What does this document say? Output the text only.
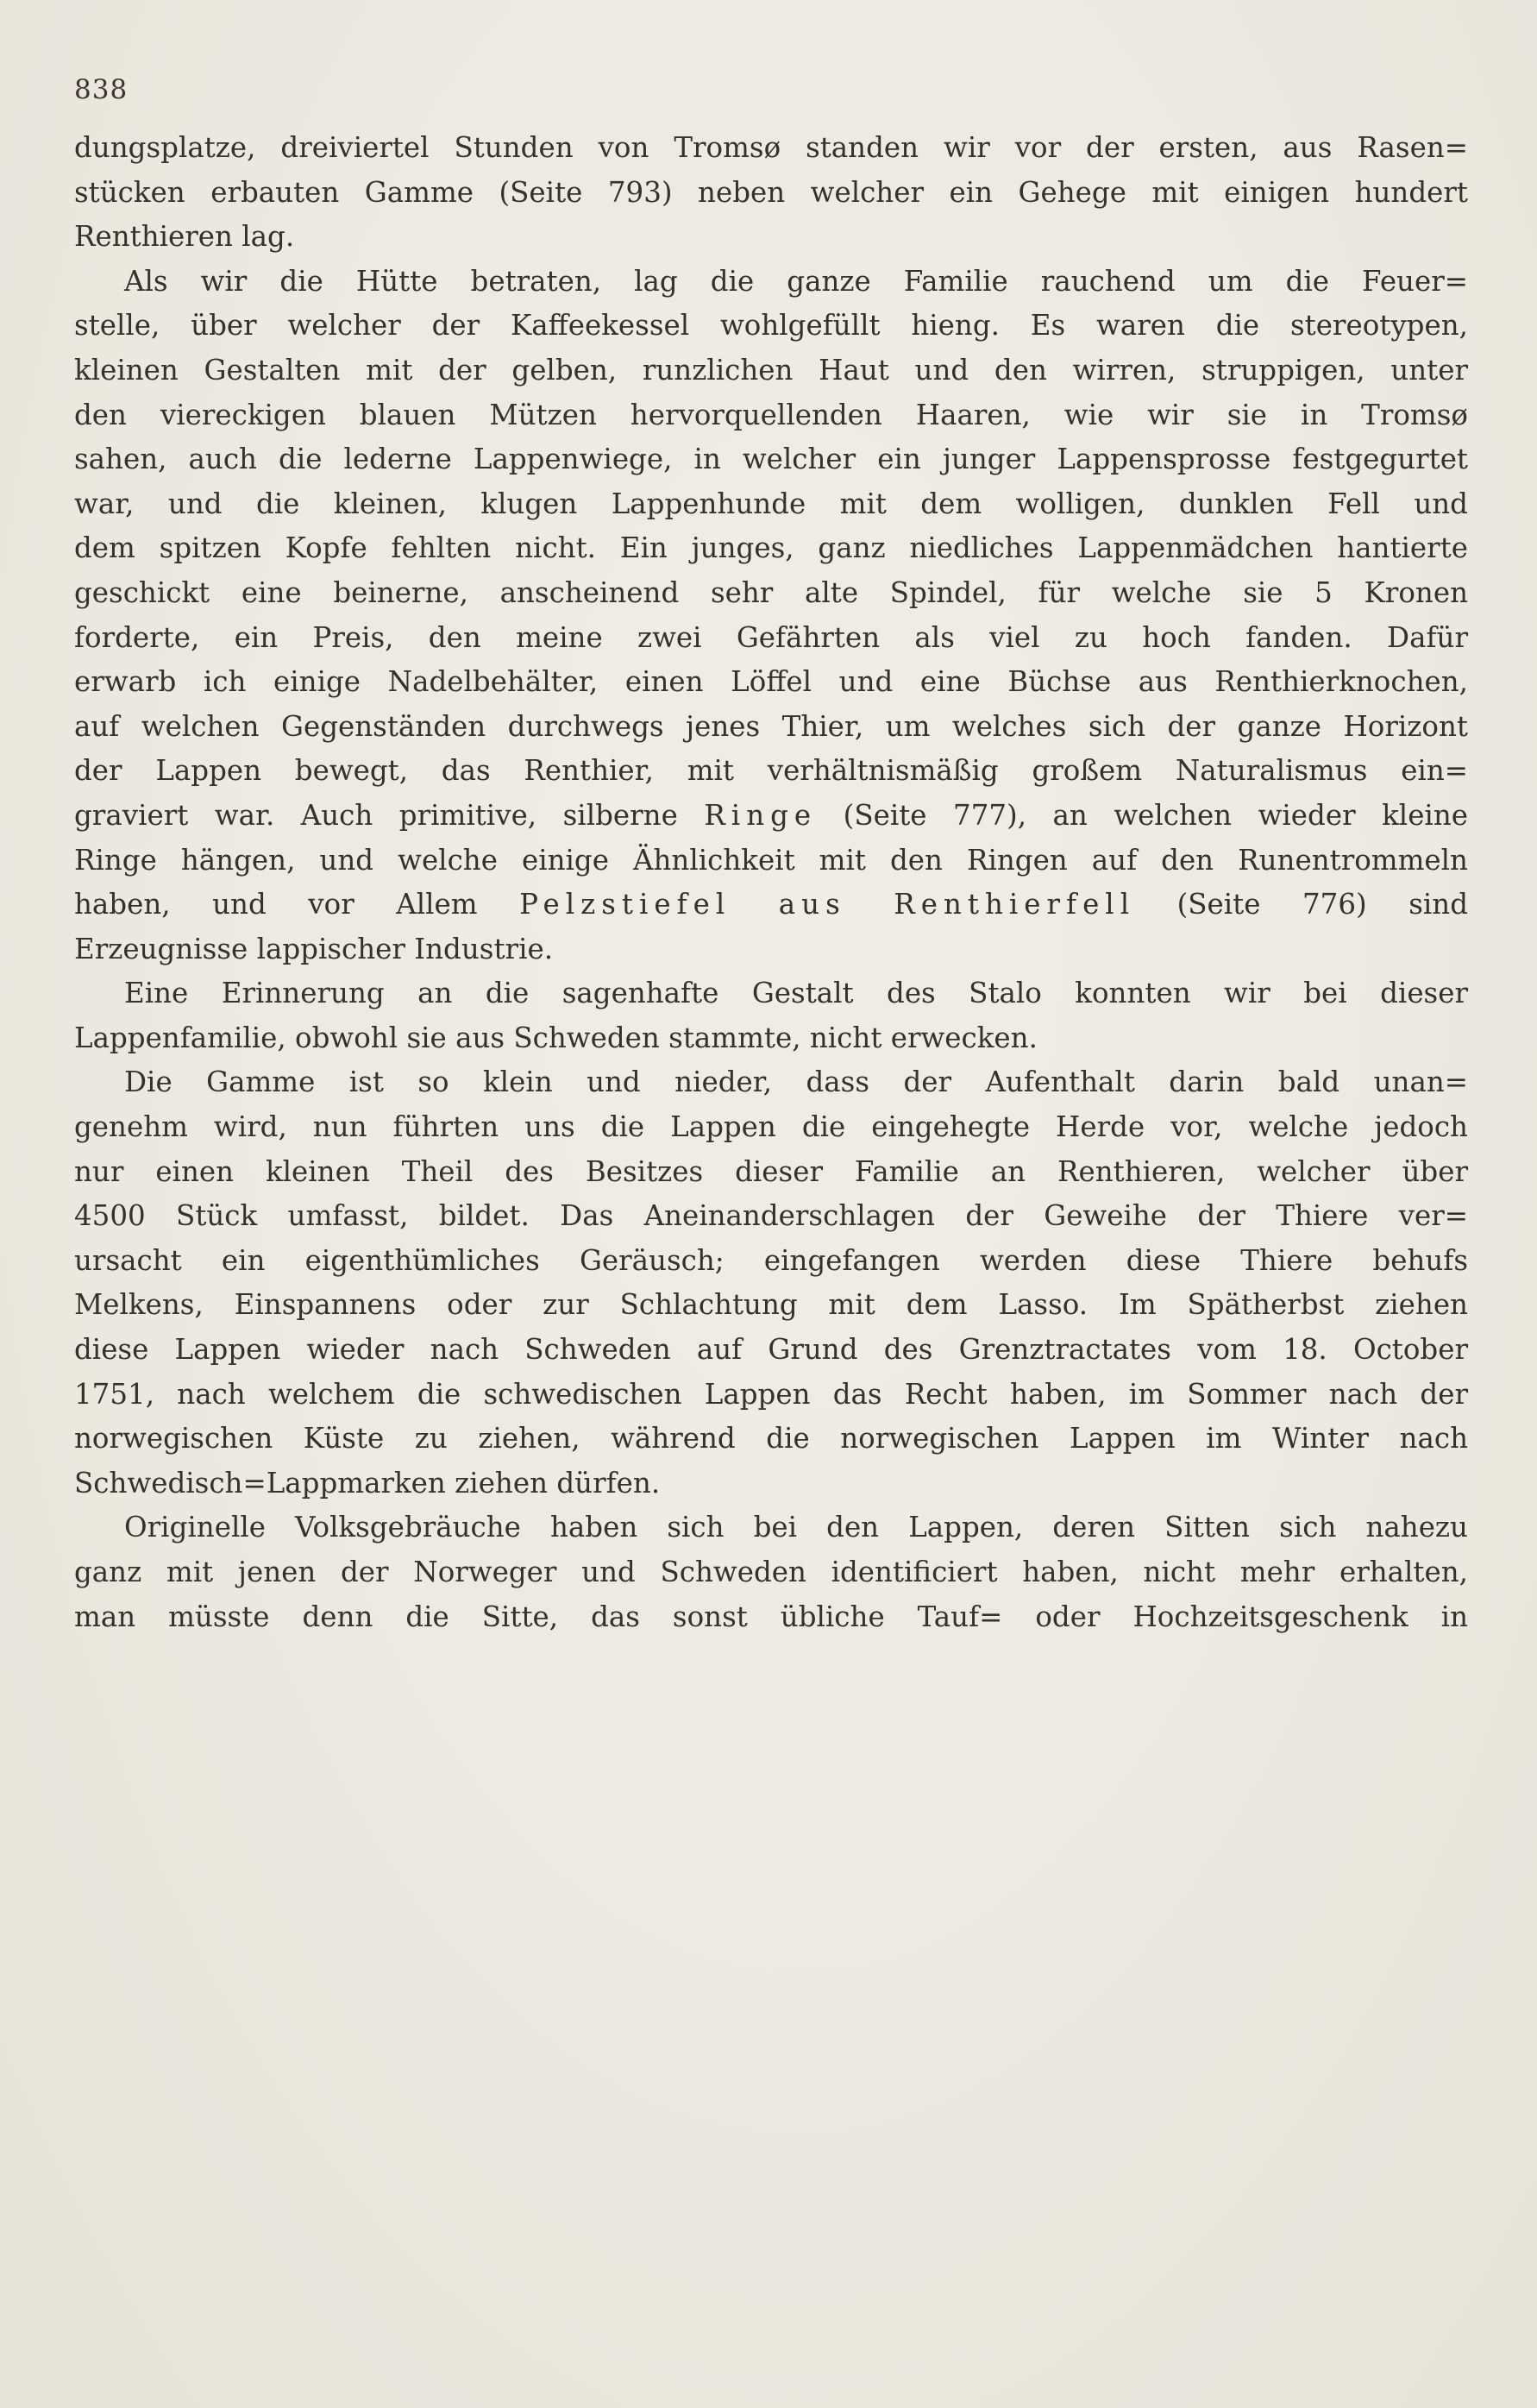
838
dungsplatze, dreiviertel Stunden von Tromsø standen wir vor der ersten, aus Rasen=
stücken erbauten Gamme (Seite 793) neben welcher ein Gehege mit einigen hundert
Renthieren lag.
Als wir die Hütte betraten, lag die ganze Familie rauchend um die Feuer=
stelle, über welcher der Kaffeekessel wohlgefüllt hieng. Es waren die stereotypen,
kleinen Gestalten mit der gelben, runzlichen Haut und den wirren, struppigen, unter
den viereckigen blauen Mützen hervorquellenden Haaren, wie wir sie in Tromsø
sahen, auch die lederne Lappenwiege, in welcher ein junger Lappensprosse festgegurtet
war, und die kleinen, klugen Lappenhunde mit dem wolligen, dunklen Fell und
dem spitzen Kopfe fehlten nicht. Ein junges, ganz niedliches Lappenmädchen hantierte
geschickt eine beinerne, anscheinend sehr alte Spindel, für welche sie 5 Kronen
forderte, ein Preis, den meine zwei Gefährten als viel zu hoch fanden. Dafür
erwarb ich einige Nadelbehälter, einen Löffel und eine Büchse aus Renthierknochen,
auf welchen Gegenständen durchwegs jenes Thier, um welches sich der ganze Horizont
der Lappen bewegt, das Renthier, mit verhältnismäßig großem Naturalismus ein=
graviert war. Auch primitive, silberne Ringe (Seite 777), an welchen wieder kleine
Ringe hängen, und welche einige Ähnlichkeit mit den Ringen auf den Runentrommeln
haben, und vor Allem Pelzstiefel aus Renthierfell (Seite 776) sind
Erzeugnisse lappischer Industrie.
Eine Erinnerung an die sagenhafte Gestalt des Stalo konnten wir bei dieser
Lappenfamilie, obwohl sie aus Schweden stammte, nicht erwecken.
Die Gamme ist so klein und nieder, dass der Aufenthalt darin bald unan=
genehm wird, nun führten uns die Lappen die eingehegte Herde vor, welche jedoch
nur einen kleinen Theil des Besitzes dieser Familie an Renthieren, welcher über
4500 Stück umfasst, bildet. Das Aneinanderschlagen der Geweihe der Thiere ver=
ursacht ein eigenthümliches Geräusch; eingefangen werden diese Thiere behufs
Melkens, Einspannens oder zur Schlachtung mit dem Lasso. Im Spätherbst ziehen
diese Lappen wieder nach Schweden auf Grund des Grenztractates vom 18. October
1751, nach welchem die schwedischen Lappen das Recht haben, im Sommer nach der
norwegischen Küste zu ziehen, während die norwegischen Lappen im Winter nach
Schwedisch=Lappmarken ziehen dürfen.
Originelle Volksgebräuche haben sich bei den Lappen, deren Sitten sich nahezu
ganz mit jenen der Norweger und Schweden identificiert haben, nicht mehr erhalten,
man müsste denn die Sitte, das sonst übliche Tauf= oder Hochzeitsgeschenk in
